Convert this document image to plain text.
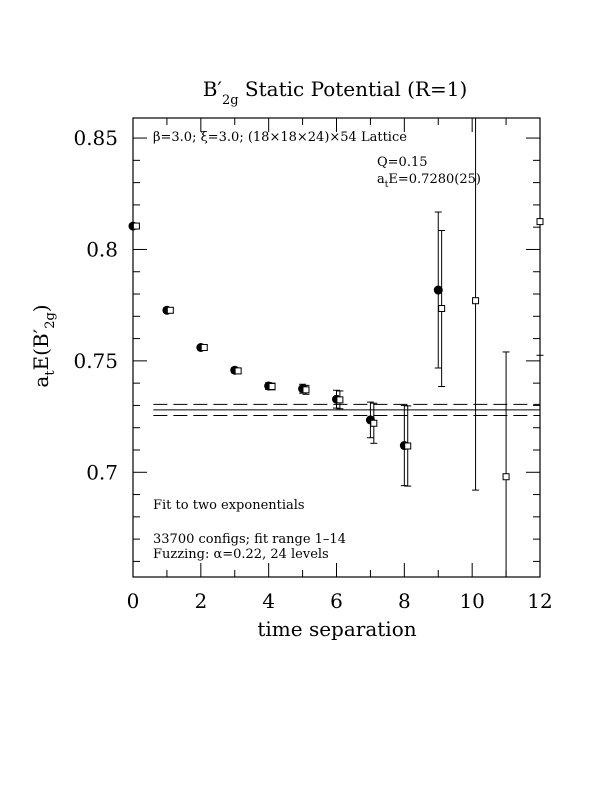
$B'_{2g}$ Static Potential (R=1)
$a_tE(B'_{2g})$
time separation
0	2	4	6	8 10 12
0.7
0.75
0.8
0.85	β=3.0; ξ=3.0; (18×18×24)×54 Lattice
Q=0.15
$a_tE=0.7280(25)$
Fit to two exponentials
33700 configs; fit range 1–14
Fuzzing: α=0.22, 24 levels
